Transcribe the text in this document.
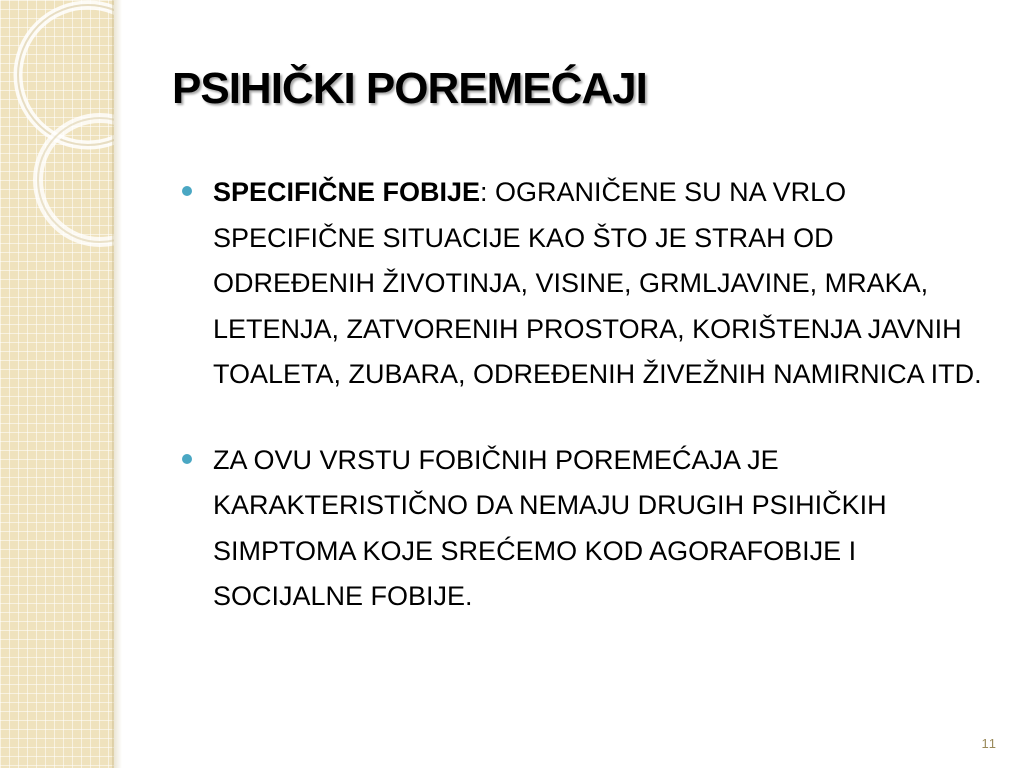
PSIHIČKI POREMEĆAJI
SPECIFIČNE FOBIJE: OGRANIČENE SU NA VRLO SPECIFIČNE SITUACIJE KAO ŠTO JE STRAH OD ODREĐENIH ŽIVOTINJA, VISINE, GRMLJAVINE, MRAKA, LETENJA, ZATVORENIH PROSTORA, KORIŠTENJA JAVNIH TOALETA, ZUBARA, ODREĐENIH ŽIVEŽNIH NAMIRNICA ITD.
ZA OVU VRSTU FOBIČNIH POREMEĆAJA JE KARAKTERISTIČNO DA NEMAJU DRUGIH PSIHIČKIH SIMPTOMA KOJE SREĆEMO KOD AGORAFOBIJE I SOCIJALNE FOBIJE.
11
